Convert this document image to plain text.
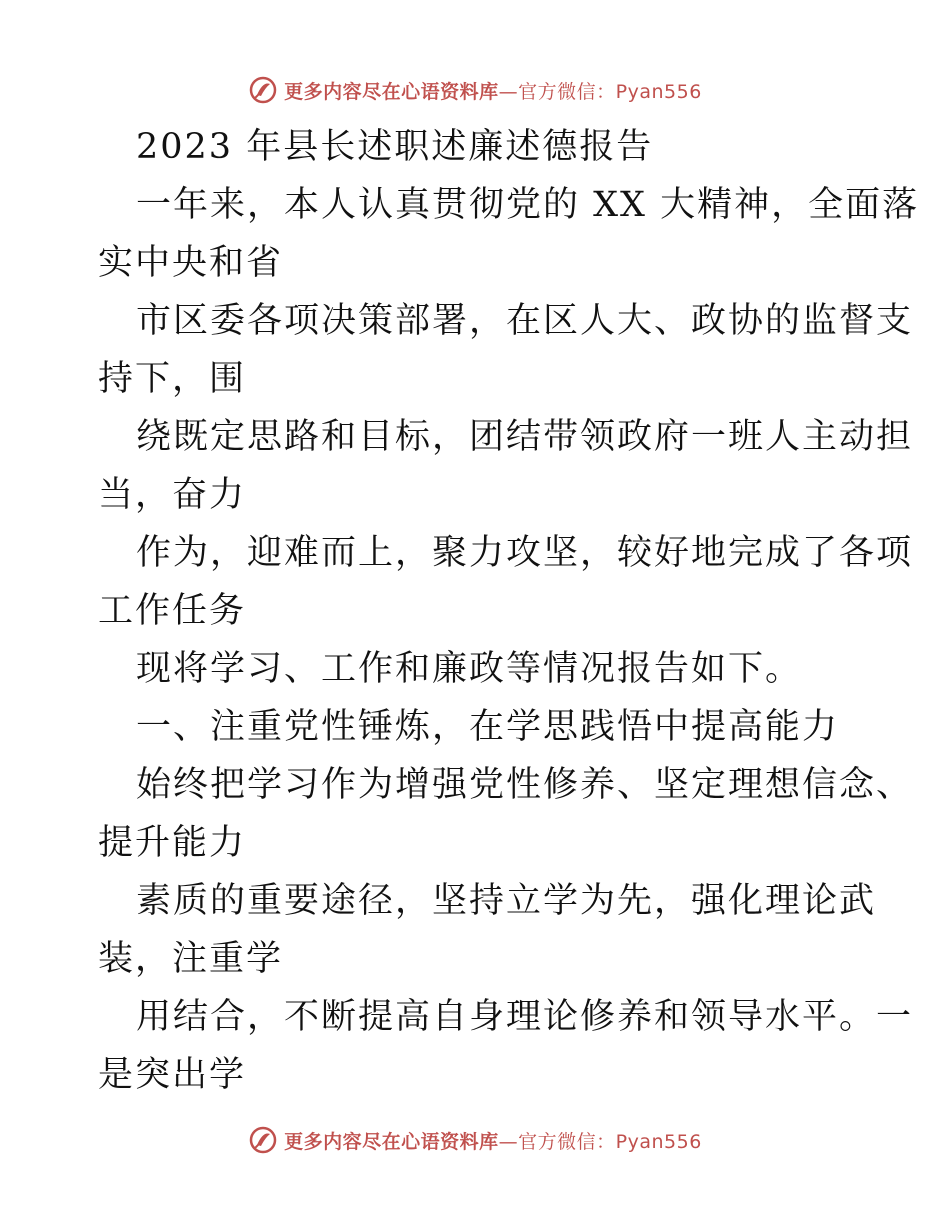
更多内容尽在心语资料库—官方微信：Pyan556
2023 年县长述职述廉述德报告
一年来，本人认真贯彻党的 XX 大精神，全面落
实中央和省
市区委各项决策部署，在区人大、政协的监督支
持下，围
绕既定思路和目标，团结带领政府一班人主动担
当，奋力
作为，迎难而上，聚力攻坚，较好地完成了各项
工作任务
现将学习、工作和廉政等情况报告如下。
一、注重党性锤炼，在学思践悟中提高能力
始终把学习作为增强党性修养、坚定理想信念、
提升能力
素质的重要途径，坚持立学为先，强化理论武
装，注重学
用结合，不断提高自身理论修养和领导水平。一
是突出学
更多内容尽在心语资料库—官方微信：Pyan556
